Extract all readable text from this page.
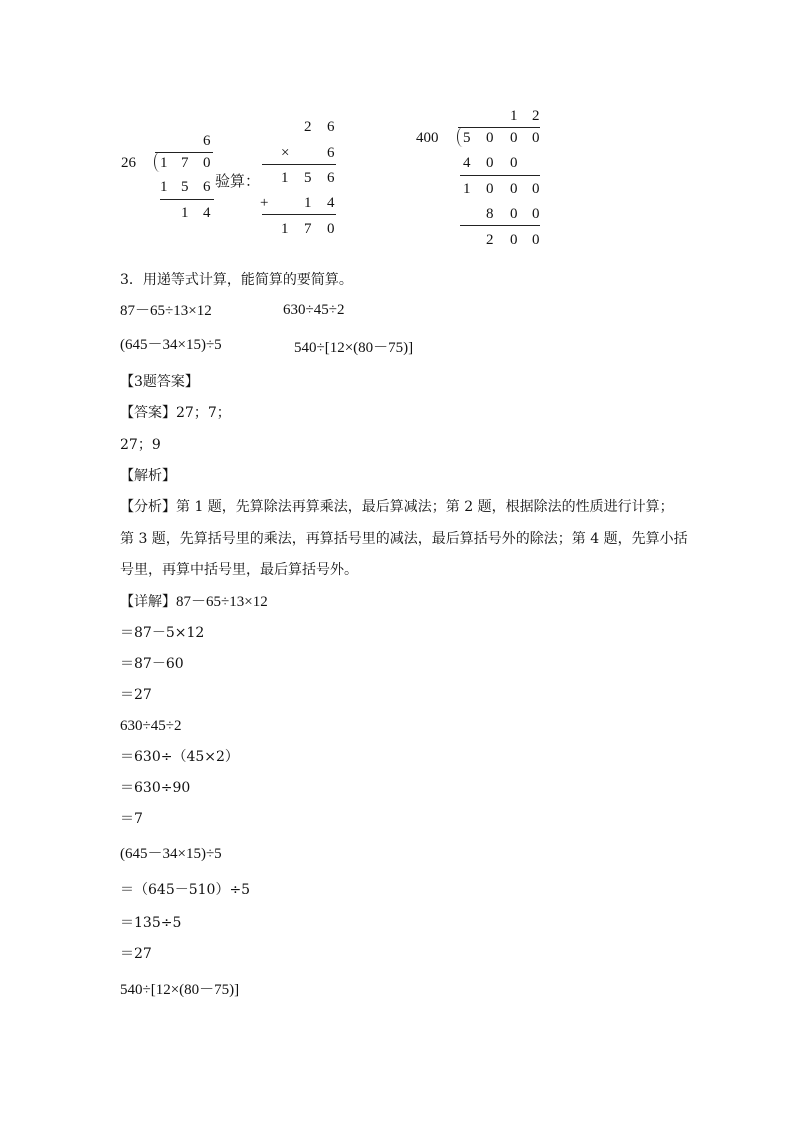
26
6
1 7 0
1 5 6
1 4
验算：
2 6
×	6
1 5 6
+ 1 4
1 7 0
1 2
400 5 0 0 0
4 0 0
1 0 0 0
8 0 0
2 0 0
3．用递等式计算，能简算的要简算。
87－65÷13×12	630÷45÷2
(645－34×15)÷5	540÷[12×(80－75)]
【3题答案】
【答案】27；7；
27；9
【解析】
【分析】第 1 题，先算除法再算乘法，最后算减法；第 2 题，根据除法的性质进行计算；
第 3 题，先算括号里的乘法，再算括号里的减法，最后算括号外的除法；第 4 题，先算小括
号里，再算中括号里，最后算括号外。
【详解】87－65÷13×12
＝87－5×12
＝87－60
＝27
630÷45÷2
＝630÷（45×2）
＝630÷90
＝7
(645－34×15)÷5
＝（645－510）÷5
＝135÷5
＝27
540÷[12×(80－75)]
